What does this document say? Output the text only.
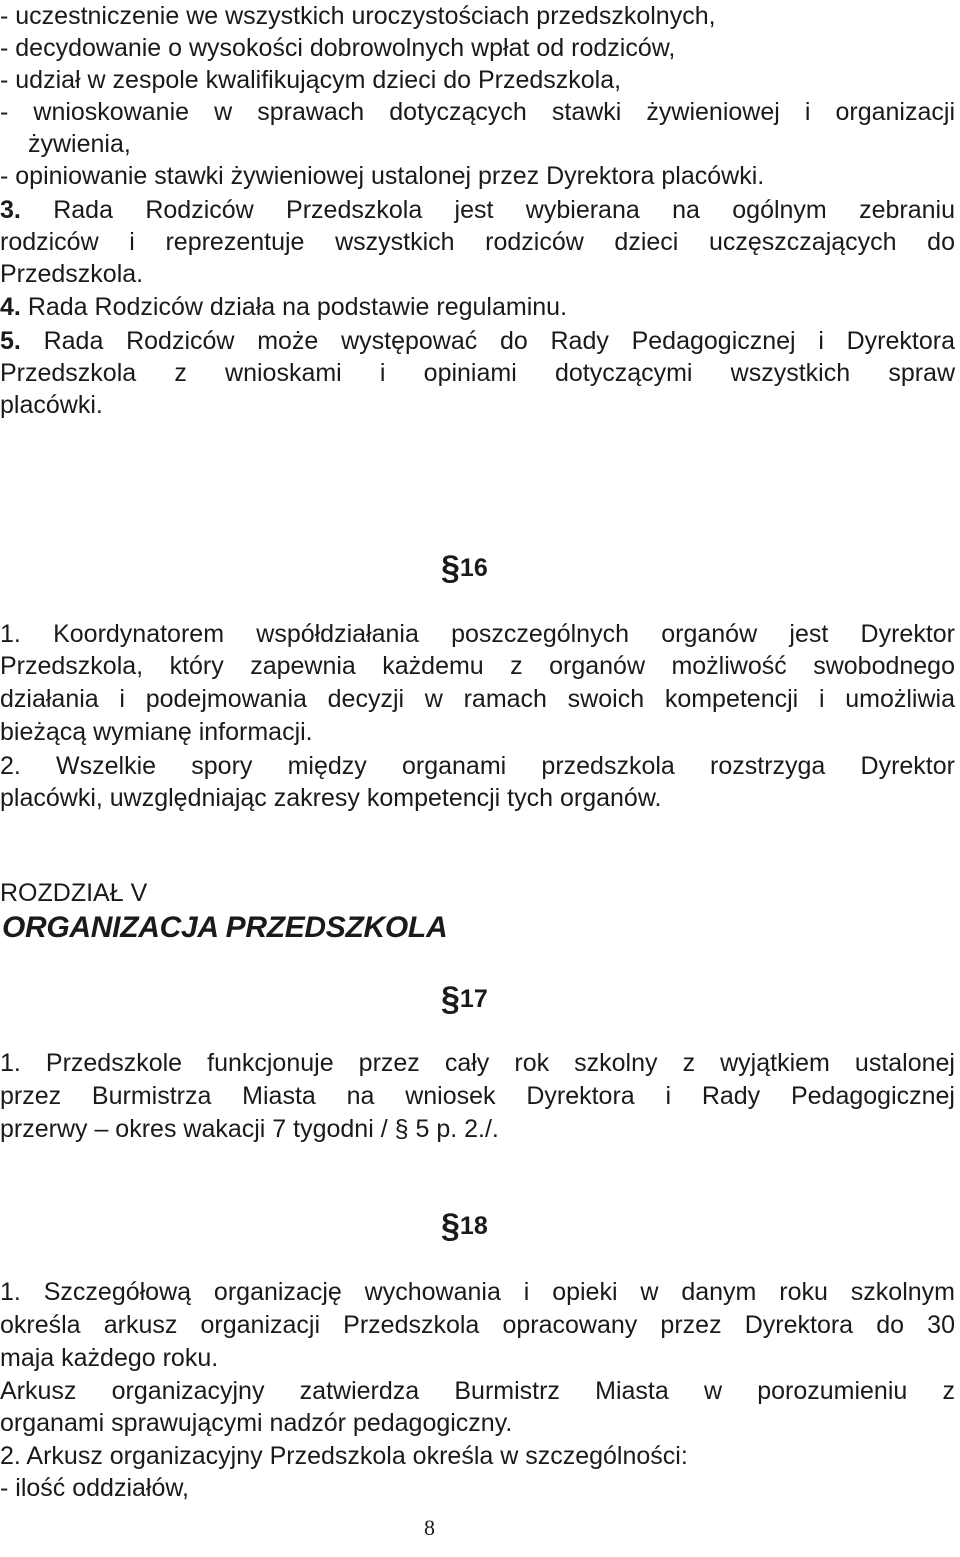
- uczestniczenie we wszystkich uroczystościach przedszkolnych,
- decydowanie o wysokości dobrowolnych wpłat od rodziców,
- udział w zespole kwalifikującym dzieci do Przedszkola,
- wnioskowanie w sprawach dotyczących stawki żywieniowej i organizacji
żywienia,
- opiniowanie stawki żywieniowej ustalonej przez Dyrektora placówki.
3. Rada Rodziców Przedszkola jest wybierana na ogólnym zebraniu
rodziców i reprezentuje wszystkich rodziców dzieci uczęszczających do
Przedszkola.
4. Rada Rodziców działa na podstawie regulaminu.
5. Rada Rodziców może występować do Rady Pedagogicznej i Dyrektora
Przedszkola z wnioskami i opiniami dotyczącymi wszystkich spraw
placówki.
§16
1. Koordynatorem współdziałania poszczególnych organów jest Dyrektor
Przedszkola, który zapewnia każdemu z organów możliwość swobodnego
działania i podejmowania decyzji w ramach swoich kompetencji i umożliwia
bieżącą wymianę informacji.
2. Wszelkie spory między organami przedszkola rozstrzyga Dyrektor
placówki, uwzględniając zakresy kompetencji tych organów.
ROZDZIAŁ V
ORGANIZACJA PRZEDSZKOLA
§17
1. Przedszkole funkcjonuje przez cały rok szkolny z wyjątkiem ustalonej
przez Burmistrza Miasta na wniosek Dyrektora i Rady Pedagogicznej
przerwy – okres wakacji 7 tygodni / § 5 p. 2./.
§18
1. Szczegółową organizację wychowania i opieki w danym roku szkolnym
określa arkusz organizacji Przedszkola opracowany przez Dyrektora do 30
maja każdego roku.
Arkusz organizacyjny zatwierdza Burmistrz Miasta w porozumieniu z
organami sprawującymi nadzór pedagogiczny.
2. Arkusz organizacyjny Przedszkola określa w szczególności:
- ilość oddziałów,
8
